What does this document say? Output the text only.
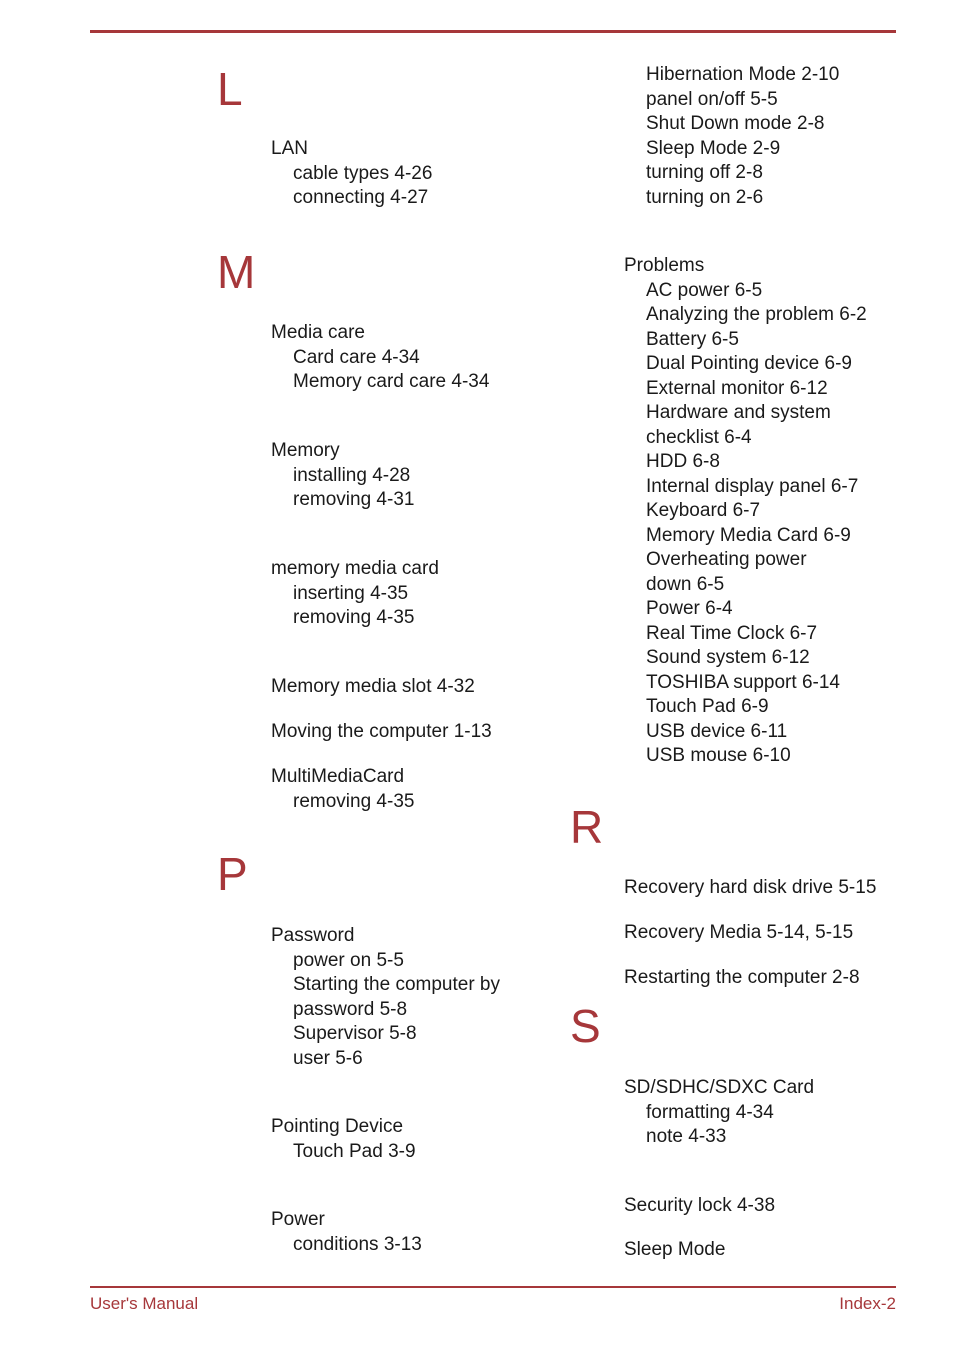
L
LAN
cable types 4-26
connecting 4-27
M
Media care
Card care 4-34
Memory card care 4-34
Memory
installing 4-28
removing 4-31
memory media card
inserting 4-35
removing 4-35
Memory media slot 4-32
Moving the computer 1-13
MultiMediaCard
removing 4-35
P
Password
power on 5-5
Starting the computer by
password 5-8
Supervisor 5-8
user 5-6
Pointing Device
Touch Pad 3-9
Power
conditions 3-13
Hibernation Mode 2-10
panel on/off 5-5
Shut Down mode 2-8
Sleep Mode 2-9
turning off 2-8
turning on 2-6
Problems
AC power 6-5
Analyzing the problem 6-2
Battery 6-5
Dual Pointing device 6-9
External monitor 6-12
Hardware and system
checklist 6-4
HDD 6-8
Internal display panel 6-7
Keyboard 6-7
Memory Media Card 6-9
Overheating power
down 6-5
Power 6-4
Real Time Clock 6-7
Sound system 6-12
TOSHIBA support 6-14
Touch Pad 6-9
USB device 6-11
USB mouse 6-10
R
Recovery hard disk drive 5-15
Recovery Media 5-14, 5-15
Restarting the computer 2-8
S
SD/SDHC/SDXC Card
formatting 4-34
note 4-33
Security lock 4-38
Sleep Mode
User's Manual	Index-2
